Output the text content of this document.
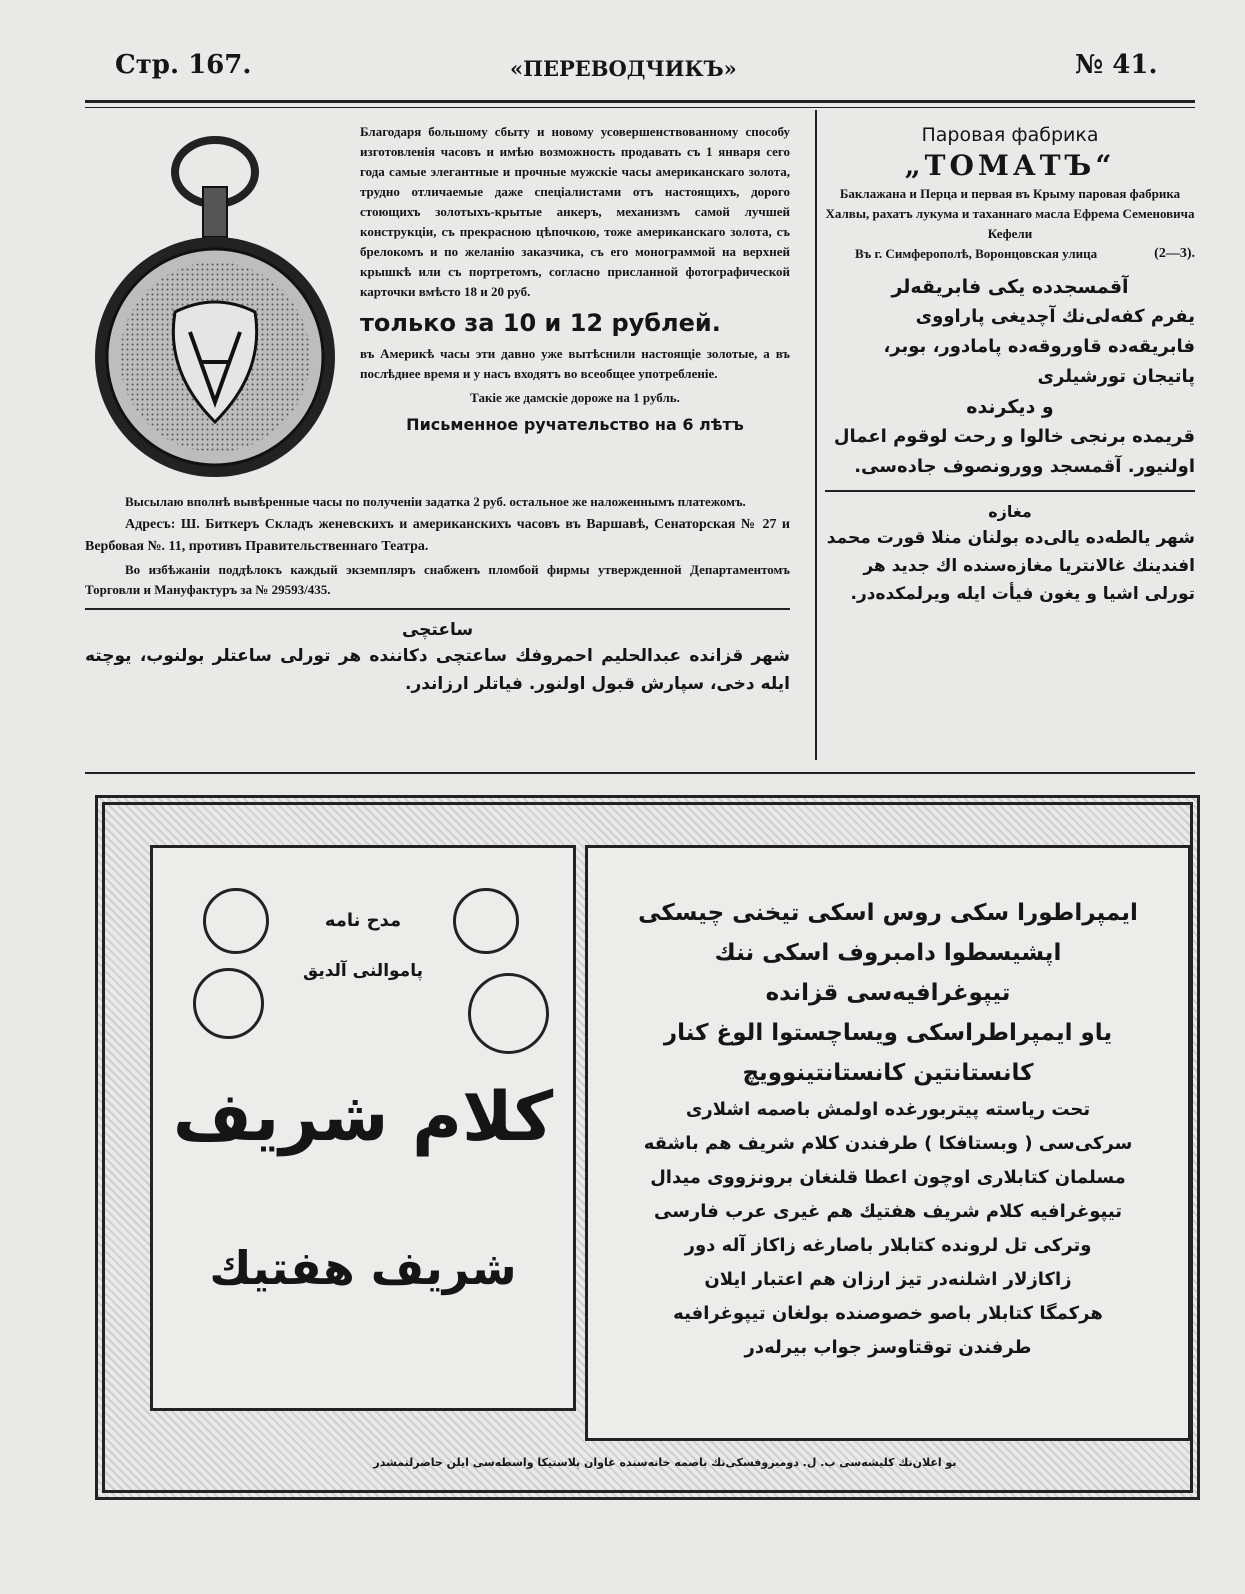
Стр. 167.	«ПЕРЕВОДЧИКЪ»	№ 41.

Благодаря большому сбыту и новому усовершенствованному способу изготовленія часовъ и имѣю возможность продавать съ 1 января сего года самые элегантные и прочные мужскіе часы американскаго золота, трудно отличаемые даже спеціалистами отъ настоящихъ, дорого стоющихъ золотыхъ-крытые анкеръ, механизмъ самой лучшей конструкціи, съ прекрасною цѣпочкою, тоже американскаго золота, съ брелокомъ и по желанію заказчика, съ его монограммой на верхней крышкѣ или съ портретомъ, согласно присланной фотографической карточки вмѣсто 18 и 20 руб.

только за 10 и 12 рублей.

въ Америкѣ часы эти давно уже вытѣснили настоящіе золотые, а въ послѣднее время и у насъ входятъ во всеобщее употребленіе.

Такіе же дамскіе дороже на 1 рубль.

Письменное ручательство на 6 лѣтъ

Высылаю вполнѣ вывѣренные часы по полученіи задатка 2 руб. остальное же наложеннымъ платежомъ.

Адресъ: Ш. Биткеръ Складъ женевскихъ и американскихъ часовъ въ Варшавѣ, Сенаторская № 27 и Вербовая №. 11, противъ Правительственнаго Театра.

Во избѣжаніи поддѣлокъ каждый экземпляръ снабженъ пломбой фирмы утвержденной Департаментомъ Торговли и Мануфактуръ за № 29593/435.

ساعتچی
شهر قزانده عبدالحلیم احمروفك ساعتچی دكاننده هر تورلی ساعتلر بولنوب، یوچته ایله دخی، سپارش قبول اولنور. فیاتلر ارزاندر.
Паровая фабрика
„ТОМАТЪ“

Баклажана и Перца и первая въ Крыму паровая фабрика Халвы, рахатъ лукума и таханнаго масла Ефрема Семеновича Кефели

(2—3).

Въ г. Симферополѣ, Воронцовская улица

آقمسجدده یكی فابریقه‌لر
یفرم كفه‌لی‌نك آچدیغی پاراووی فابریقه‌ده قاوروقه‌ده پامادور، بوبر، پاتیجان تورشیلری
و دیكرنده
قریمده برنجی خالوا و رحت لوقوم اعمال اولنیور. آقمسجد وورونصوف جاده‌سی.
مغازه
شهر یالطه‌ده یالی‌ده بولنان منلا قورت محمد افندینك غالانتریا مغازه‌سنده اك جدید هر تورلی اشیا و یغون فیأت ایله ویرلمكده‌در.
مدح نامه
پاموالنی آلدیق
كلام شریف
شریف هفتیك
ایمپراطورا سكی روس اسكی تیخنی چیسكی
اپشیسطوا دامبروف اسكی ننك
تیپوغرافیه‌سی قزانده
یاو ایمپراطراسكی ویساچستوا الوغ كنار
كانستانتین كانستانتینوویچ
تحت ریاسته پیتربورغده اولمش باصمه اشلاری
سركی‌سی ( وبستافكا ) طرفندن كلام شریف هم باشقه
مسلمان كتابلاری اوچون اعطا قلنغان برونزووی میدال
تیپوغرافیه كلام شریف هفتیك هم غیری عرب فارسی
وترکی تل لرونده كتابلار باصارغه زاكاز آله دور
زاكازلار اشلنه‌در تیز ارزان هم اعتبار ایلان
هركمگا كتابلار باصو خصوصنده بولغان تیپوغرافیه
طرفندن توقتاوسز جواب بیرله‌در
بو اعلان‌نك كلیشه‌سی ب. ل. دومبروفسكی‌نك باصمه خانه‌سنده غاوان پلاستیكا واسطه‌سی ایلن حاضرلنمشدر
